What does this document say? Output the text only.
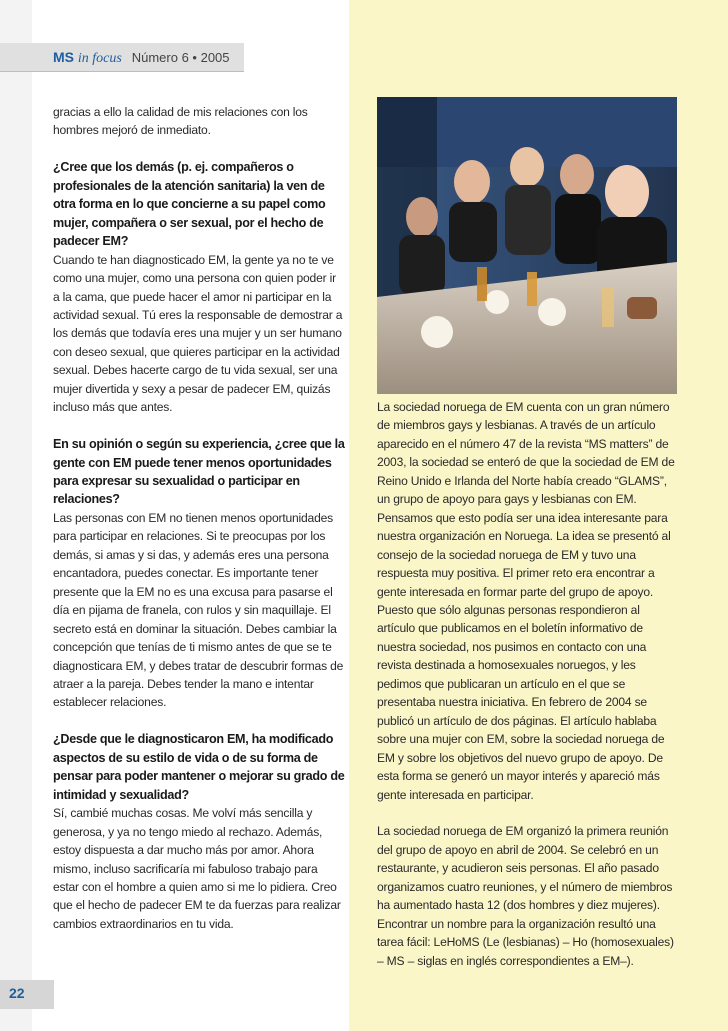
MS in focus Número 6 • 2005

gracias a ello la calidad de mis relaciones con los hombres mejoró de inmediato.

¿Cree que los demás (p. ej. compañeros o profesionales de la atención sanitaria) la ven de otra forma en lo que concierne a su papel como mujer, compañera o ser sexual, por el hecho de padecer EM?
Cuando te han diagnosticado EM, la gente ya no te ve como una mujer, como una persona con quien poder ir a la cama, que puede hacer el amor ni participar en la actividad sexual. Tú eres la responsable de demostrar a los demás que todavía eres una mujer y un ser humano con deseo sexual, que quieres participar en la actividad sexual. Debes hacerte cargo de tu vida sexual, ser una mujer divertida y sexy a pesar de padecer EM, quizás incluso más que antes.
En su opinión o según su experiencia, ¿cree que la gente con EM puede tener menos oportunidades para expresar su sexualidad o participar en relaciones?
Las personas con EM no tienen menos oportunidades para participar en relaciones. Si te preocupas por los demás, si amas y si das, y además eres una persona encantadora, puedes conectar. Es importante tener presente que la EM no es una excusa para pasarse el día en pijama de franela, con rulos y sin maquillaje. El secreto está en dominar la situación. Debes cambiar la concepción que tenías de ti mismo antes de que se te diagnosticara EM, y debes tratar de descubrir formas de atraer a la pareja. Debes tender la mano e intentar establecer relaciones.
¿Desde que le diagnosticaron EM, ha modificado aspectos de su estilo de vida o de su forma de pensar para poder mantener o mejorar su grado de intimidad y sexualidad?
Sí, cambié muchas cosas. Me volví más sencilla y generosa, y ya no tengo miedo al rechazo. Además, estoy dispuesta a dar mucho más por amor. Ahora mismo, incluso sacrificaría mi fabuloso trabajo para estar con el hombre a quien amo si me lo pidiera. Creo que el hecho de padecer EM te da fuerzas para realizar cambios extraordinarios en tu vida.

La sociedad noruega de EM cuenta con un gran número de miembros gays y lesbianas. A través de un artículo aparecido en el número 47 de la revista “MS matters” de 2003, la sociedad se enteró de que la sociedad de EM de Reino Unido e Irlanda del Norte había creado “GLAMS”, un grupo de apoyo para gays y lesbianas con EM. Pensamos que esto podía ser una idea interesante para nuestra organización en Noruega. La idea se presentó al consejo de la sociedad noruega de EM y tuvo una respuesta muy positiva. El primer reto era encontrar a gente interesada en formar parte del grupo de apoyo. Puesto que sólo algunas personas respondieron al artículo que publicamos en el boletín informativo de nuestra sociedad, nos pusimos en contacto con una revista destinada a homosexuales noruegos, y les pedimos que publicaran un artículo en el que se presentaba nuestra iniciativa. En febrero de 2004 se publicó un artículo de dos páginas. El artículo hablaba sobre una mujer con EM, sobre la sociedad noruega de EM y sobre los objetivos del nuevo grupo de apoyo. De esta forma se generó un mayor interés y apareció más gente interesada en participar.

La sociedad noruega de EM organizó la primera reunión del grupo de apoyo en abril de 2004. Se celebró en un restaurante, y acudieron seis personas. El año pasado organizamos cuatro reuniones, y el número de miembros ha aumentado hasta 12 (dos hombres y diez mujeres). Encontrar un nombre para la organización resultó una tarea fácil: LeHoMS (Le (lesbianas) – Ho (homosexuales) – MS – siglas en inglés correspondientes a EM–).

22
